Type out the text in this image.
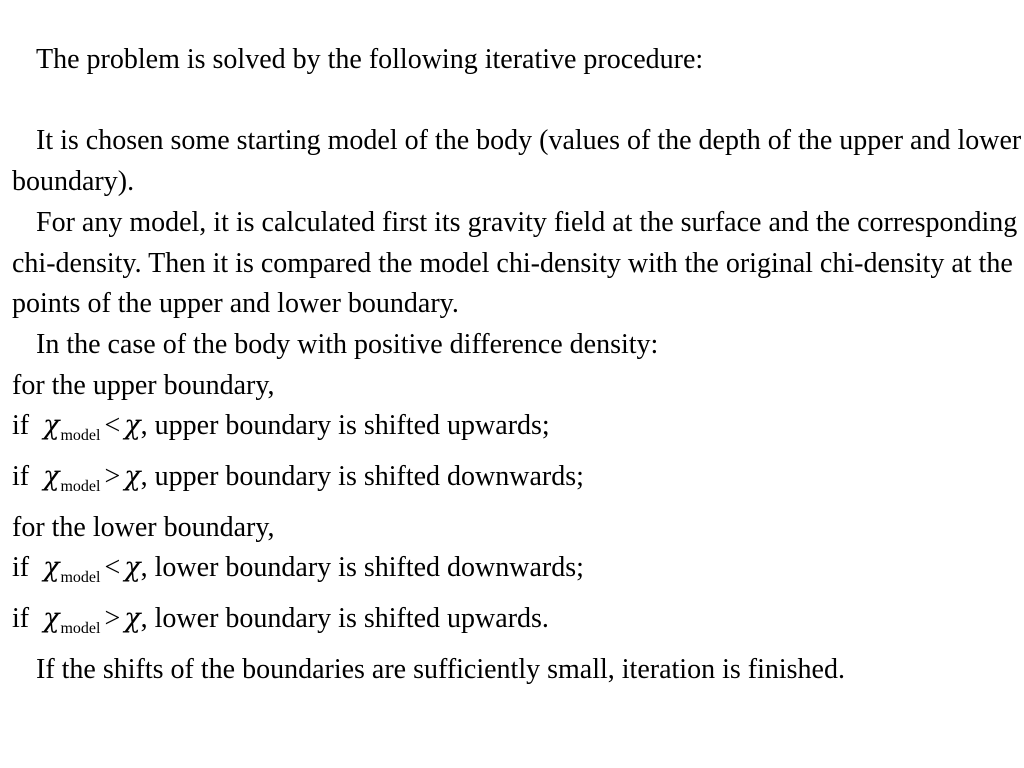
The problem is solved by the following iterative procedure:

It is chosen some starting model of the body (values of the depth of the upper and lower boundary).

For any model, it is calculated first its gravity field at the surface and the corresponding chi-density. Then it is compared the model chi-density with the original chi-density at the points of the upper and lower boundary.

In the case of the body with positive difference density:

for the upper boundary,

if $\chi_{model} < \chi$, upper boundary is shifted upwards;

if $\chi_{model} > \chi$, upper boundary is shifted downwards;

for the lower boundary,

if $\chi_{model} < \chi$, lower boundary is shifted downwards;

if $\chi_{model} > \chi$, lower boundary is shifted upwards.

If the shifts of the boundaries are sufficiently small, iteration is finished.
